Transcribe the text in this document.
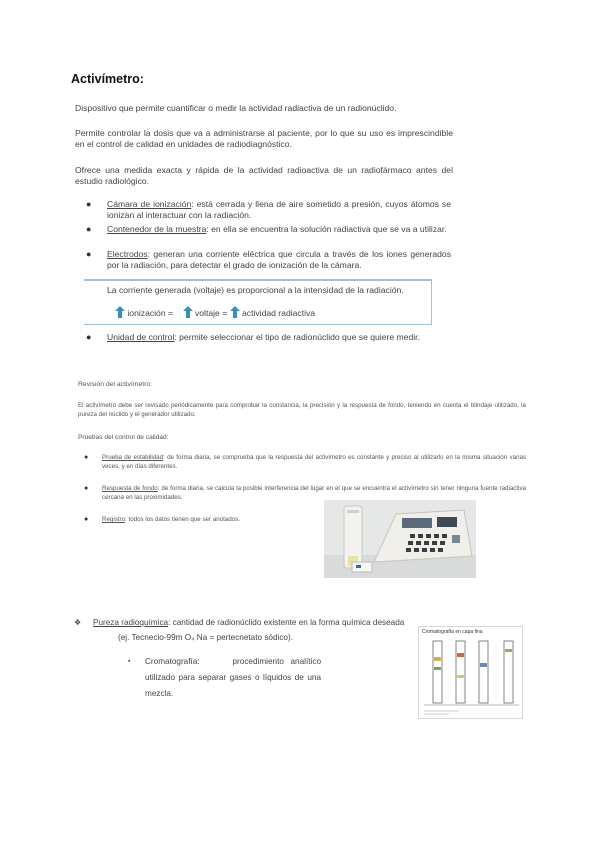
Activímetro:
Dispositivo que permite cuantificar o medir la actividad radiactiva de un radionúclido.
Permite controlar la dosis que va a administrarse al paciente, por lo que su uso es imprescindible en el control de calidad en unidades de radiodiagnóstico.
Ofrece una medida exacta y rápida de la actividad radioactiva de un radiofármaco antes del estudio radiológico.
● Cámara de ionización: está cerrada y llena de aire sometido a presión, cuyos átomos se ionizan al interactuar con la radiación.
● Contenedor de la muestra: en ella se encuentra la solución radiactiva que se va a utilizar.
● Electrodos: generan una corriente eléctrica que circula a través de los iones generados por la radiación, para detectar el grado de ionización de la cámara.
La corriente generada (voltaje) es proporcional a la intensidad de la radiación.
ionización =	voltaje = actividad radiactiva
● Unidad de control: permite seleccionar el tipo de radionúclido que se quiere medir.
Revisión del activímetro:
El activímetro debe ser revisado periódicamente para comprobar la constancia, la precisión y la respuesta de fondo, teniendo en cuenta el blindaje utilizado, la pureza del núclido y el generador utilizado.
Pruebas del control de calidad:
● Prueba de estabilidad: de forma diaria, se comprueba que la respuesta del activímetro es constante y preciso al utilizarlo en la misma situación varias veces, y en días diferentes.
● Respuesta de fondo: de forma diaria, se calcula la posible interferencia del lugar en el que se encuentra el activímetro sin tener ninguna fuente radiactiva cercana en las proximidades.
● Registro: todos los datos tienen que ser anotados.
❖ Pureza radioquímica: cantidad de radionúclido existente en la forma química deseada
(ej. Tecnecio-99m O₄ Na = pertecnetato sódico).
▪ Cromatografía:	procedimiento analítico utilizado para separar gases o líquidos de una mezcla.
Cromatografía en capa fina
